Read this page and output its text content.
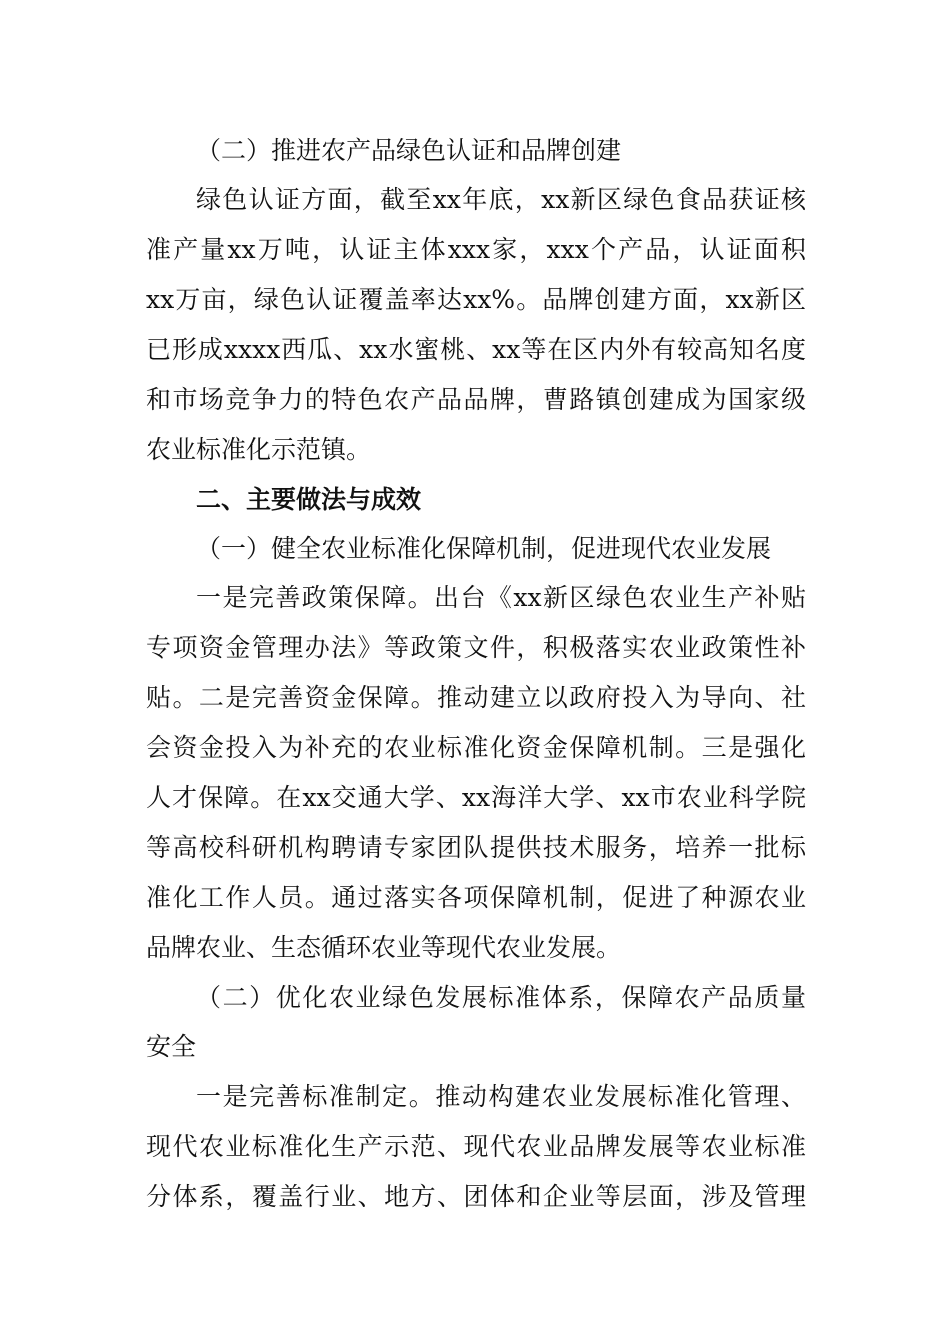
（二）推进农产品绿色认证和品牌创建
绿色认证方面，截至xx年底，xx新区绿色食品获证核
准产量xx万吨，认证主体xxx家，xxx个产品，认证面积
xx万亩，绿色认证覆盖率达xx%。品牌创建方面，xx新区
已形成xxxx西瓜、xx水蜜桃、xx等在区内外有较高知名度
和市场竞争力的特色农产品品牌，曹路镇创建成为国家级
农业标准化示范镇。
二、主要做法与成效
（一）健全农业标准化保障机制，促进现代农业发展
一是完善政策保障。出台《xx新区绿色农业生产补贴
专项资金管理办法》等政策文件，积极落实农业政策性补
贴。二是完善资金保障。推动建立以政府投入为导向、社
会资金投入为补充的农业标准化资金保障机制。三是强化
人才保障。在xx交通大学、xx海洋大学、xx市农业科学院
等高校科研机构聘请专家团队提供技术服务，培养一批标
准化工作人员。通过落实各项保障机制，促进了种源农业
品牌农业、生态循环农业等现代农业发展。
（二）优化农业绿色发展标准体系，保障农产品质量
安全
一是完善标准制定。推动构建农业发展标准化管理、
现代农业标准化生产示范、现代农业品牌发展等农业标准
分体系，覆盖行业、地方、团体和企业等层面，涉及管理
